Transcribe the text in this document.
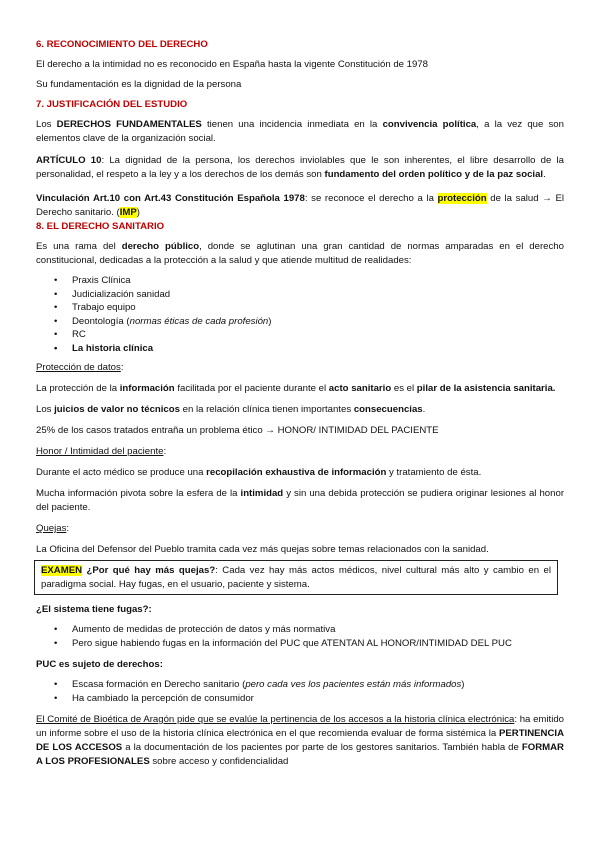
6. RECONOCIMIENTO DEL DERECHO

El derecho a la intimidad no es reconocido en España hasta la vigente Constitución de 1978

Su fundamentación es la dignidad de la persona

7. JUSTIFICACIÓN DEL ESTUDIO

Los DERECHOS FUNDAMENTALES tienen una incidencia inmediata en la convivencia política, a la vez que son elementos clave de la organización social.

ARTÍCULO 10: La dignidad de la persona, los derechos inviolables que le son inherentes, el libre desarrollo de la personalidad, el respeto a la ley y a los derechos de los demás son fundamento del orden político y de la paz social.

Vinculación Art.10 con Art.43 Constitución Española 1978: se reconoce el derecho a la protección de la salud → El Derecho sanitario. (IMP)

8. EL DERECHO SANITARIO

Es una rama del derecho público, donde se aglutinan una gran cantidad de normas amparadas en el derecho constitucional, dedicadas a la protección a la salud y que atiende multitud de realidades:

• Praxis Clínica
• Judicialización sanidad
• Trabajo equipo
• Deontología (normas éticas de cada profesión)
• RC
• La historia clínica

Protección de datos:

La protección de la información facilitada por el paciente durante el acto sanitario es el pilar de la asistencia sanitaria.

Los juicios de valor no técnicos en la relación clínica tienen importantes consecuencias.

25% de los casos tratados entraña un problema ético → HONOR/ INTIMIDAD DEL PACIENTE

Honor / Intimidad del paciente:

Durante el acto médico se produce una recopilación exhaustiva de información y tratamiento de ésta.

Mucha información pivota sobre la esfera de la intimidad y sin una debida protección se pudiera originar lesiones al honor del paciente.

Quejas:

La Oficina del Defensor del Pueblo tramita cada vez más quejas sobre temas relacionados con la sanidad.

EXAMEN ¿Por qué hay más quejas?: Cada vez hay más actos médicos, nivel cultural más alto y cambio en el paradigma social. Hay fugas, en el usuario, paciente y sistema.

¿El sistema tiene fugas?:

• Aumento de medidas de protección de datos y más normativa
• Pero sigue habiendo fugas en la información del PUC que ATENTAN AL HONOR/INTIMIDAD DEL PUC

PUC es sujeto de derechos:

• Escasa formación en Derecho sanitario (pero cada ves los pacientes están más informados)
• Ha cambiado la percepción de consumidor

El Comité de Bioética de Aragón pide que se evalúe la pertinencia de los accesos a la historia clínica electrónica: ha emitido un informe sobre el uso de la historia clínica electrónica en el que recomienda evaluar de forma sistémica la PERTINENCIA DE LOS ACCESOS a la documentación de los pacientes por parte de los gestores sanitarios. También habla de FORMAR A LOS PROFESIONALES sobre acceso y confidencialidad
